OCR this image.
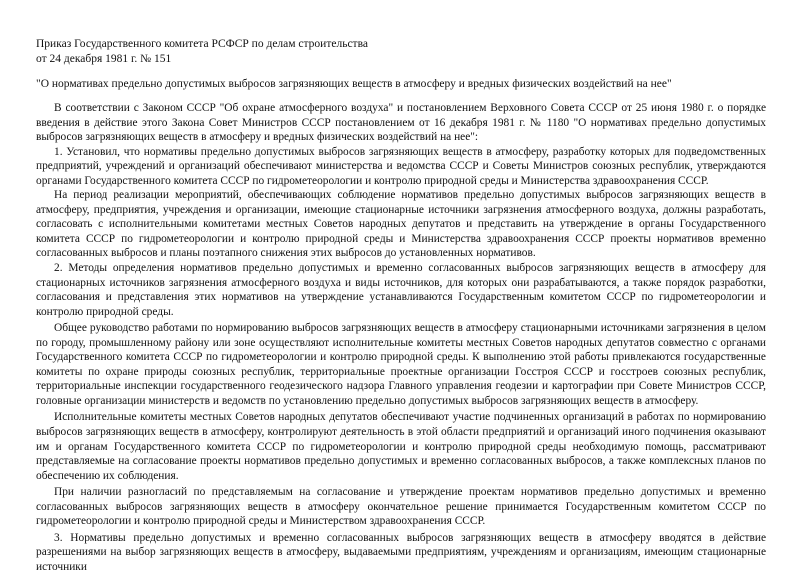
Приказ Государственного комитета РСФСР по делам строительства
от 24 декабря 1981 г. № 151
"О нормативах предельно допустимых выбросов загрязняющих веществ в атмосферу и вредных физических воздействий на нее"

В соответствии с Законом СССР "Об охране атмосферного воздуха" и постановлением Верховного Совета СССР от 25 июня 1980 г. о порядке введения в действие этого Закона Совет Министров СССР постановлением от 16 декабря 1981 г. № 1180 "О нормативах предельно допустимых выбросов загрязняющих веществ в атмосферу и вредных физических воздействий на нее":

1. Установил, что нормативы предельно допустимых выбросов загрязняющих веществ в атмосферу, разработку которых для подведомственных предприятий, учреждений и организаций обеспечивают министерства и ведомства СССР и Советы Министров союзных республик, утверждаются органами Государственного комитета СССР по гидрометеорологии и контролю природной среды и Министерства здравоохранения СССР.

На период реализации мероприятий, обеспечивающих соблюдение нормативов предельно допустимых выбросов загрязняющих веществ в атмосферу, предприятия, учреждения и организации, имеющие стационарные источники загрязнения атмосферного воздуха, должны разработать, согласовать с исполнительными комитетами местных Советов народных депутатов и представить на утверждение в органы Государственного комитета СССР по гидрометеорологии и контролю природной среды и Министерства здравоохранения СССР проекты нормативов временно согласованных выбросов и планы поэтапного снижения этих выбросов до установленных нормативов.

2. Методы определения нормативов предельно допустимых и временно согласованных выбросов загрязняющих веществ в атмосферу для стационарных источников загрязнения атмосферного воздуха и виды источников, для которых они разрабатываются, а также порядок разработки, согласования и представления этих нормативов на утверждение устанавливаются Государственным комитетом СССР по гидрометеорологии и контролю природной среды.

Общее руководство работами по нормированию выбросов загрязняющих веществ в атмосферу стационарными источниками загрязнения в целом по городу, промышленному району или зоне осуществляют исполнительные комитеты местных Советов народных депутатов совместно с органами Государственного комитета СССР по гидрометеорологии и контролю природной среды. К выполнению этой работы привлекаются государственные комитеты по охране природы союзных республик, территориальные проектные организации Госстроя СССР и госстроев союзных республик, территориальные инспекции государственного геодезического надзора Главного управления геодезии и картографии при Совете Министров СССР, головные организации министерств и ведомств по установлению предельно допустимых выбросов загрязняющих веществ в атмосферу.

Исполнительные комитеты местных Советов народных депутатов обеспечивают участие подчиненных организаций в работах по нормированию выбросов загрязняющих веществ в атмосферу, контролируют деятельность в этой области предприятий и организаций иного подчинения оказывают им и органам Государственного комитета СССР по гидрометеорологии и контролю природной среды необходимую помощь, рассматривают представляемые на согласование проекты нормативов предельно допустимых и временно согласованных выбросов, а также комплексных планов по обеспечению их соблюдения.

При наличии разногласий по представляемым на согласование и утверждение проектам нормативов предельно допустимых и временно согласованных выбросов загрязняющих веществ в атмосферу окончательное решение принимается Государственным комитетом СССР по гидрометеорологии и контролю природной среды и Министерством здравоохранения СССР.

3. Нормативы предельно допустимых и временно согласованных выбросов загрязняющих веществ в атмосферу вводятся в действие разрешениями на выбор загрязняющих веществ в атмосферу, выдаваемыми предприятиям, учреждениям и организациям, имеющим стационарные источники
